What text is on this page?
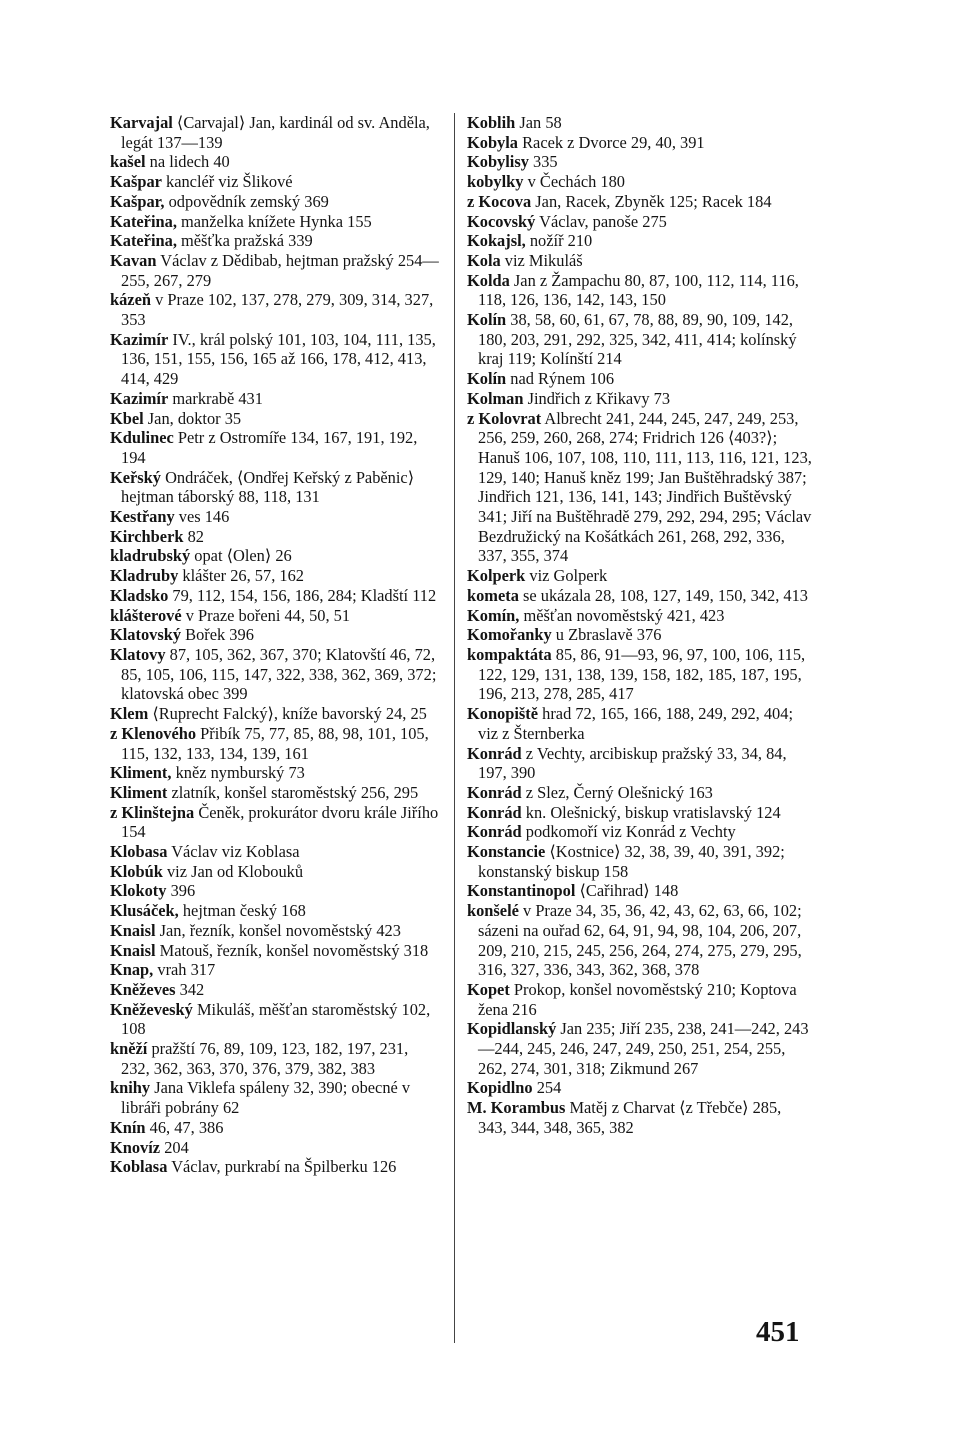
Karvajal ⟨Carvajal⟩ Jan, kardinál od sv. Anděla, legát 137—139
kašel na lidech 40
Kašpar kancléř viz Šlikové
Kašpar, odpovědník zemský 369
Kateřina, manželka knížete Hynka 155
Kateřina, měšťka pražská 339
Kavan Václav z Dědibab, hejtman pražský 254—255, 267, 279
kázeň v Praze 102, 137, 278, 279, 309, 314, 327, 353
Kazimír IV., král polský 101, 103, 104, 111, 135, 136, 151, 155, 156, 165 až 166, 178, 412, 413, 414, 429
Kazimír markrabě 431
Kbel Jan, doktor 35
Kdulinec Petr z Ostromíře 134, 167, 191, 192, 194
Keřský Ondráček, ⟨Ondřej Keřský z Paběnic⟩ hejtman táborský 88, 118, 131
Kestřany ves 146
Kirchberk 82
kladrubský opat ⟨Olen⟩ 26
Kladruby klášter 26, 57, 162
Kladsko 79, 112, 154, 156, 186, 284; Kladští 112
klášterové v Praze bořeni 44, 50, 51
Klatovský Bořek 396
Klatovy 87, 105, 362, 367, 370; Klatovští 46, 72, 85, 105, 106, 115, 147, 322, 338, 362, 369, 372; klatovská obec 399
Klem ⟨Ruprecht Falcký⟩, kníže bavorský 24, 25
z Klenového Přibík 75, 77, 85, 88, 98, 101, 105, 115, 132, 133, 134, 139, 161
Kliment, kněz nymburský 73
Kliment zlatník, konšel staroměstský 256, 295
z Klinštejna Čeněk, prokurátor dvoru krále Jiřího 154
Klobasa Václav viz Koblasa
Klobúk viz Jan od Klobouků
Klokoty 396
Klusáček, hejtman český 168
Knaisl Jan, řezník, konšel novoměstský 423
Knaisl Matouš, řezník, konšel novoměstský 318
Knap, vrah 317
Kněževes 342
Kněževeský Mikuláš, měšťan staroměstský 102, 108
kněží pražští 76, 89, 109, 123, 182, 197, 231, 232, 362, 363, 370, 376, 379, 382, 383
knihy Jana Viklefa spáleny 32, 390; obecné v libráři pobrány 62
Knín 46, 47, 386
Knovíz 204
Koblasa Václav, purkrabí na Špilberku 126
Koblih Jan 58
Kobyla Racek z Dvorce 29, 40, 391
Kobylisy 335
kobylky v Čechách 180
z Kocova Jan, Racek, Zbyněk 125; Racek 184
Kocovský Václav, panoše 275
Kokajsl, nožíř 210
Kola viz Mikuláš
Kolda Jan z Žampachu 80, 87, 100, 112, 114, 116, 118, 126, 136, 142, 143, 150
Kolín 38, 58, 60, 61, 67, 78, 88, 89, 90, 109, 142, 180, 203, 291, 292, 325, 342, 411, 414; kolínský kraj 119; Kolínští 214
Kolín nad Rýnem 106
Kolman Jindřich z Křikavy 73
z Kolovrat Albrecht 241, 244, 245, 247, 249, 253, 256, 259, 260, 268, 274; Fridrich 126 ⟨403?⟩; Hanuš 106, 107, 108, 110, 111, 113, 116, 121, 123, 129, 140; Hanuš kněz 199; Jan Buštěhradský 387; Jindřich 121, 136, 141, 143; Jindřich Buštěvský 341; Jiří na Buštěhradě 279, 292, 294, 295; Václav Bezdružický na Košátkách 261, 268, 292, 336, 337, 355, 374
Kolperk viz Golperk
kometa se ukázala 28, 108, 127, 149, 150, 342, 413
Komín, měšťan novoměstský 421, 423
Komořanky u Zbraslavě 376
kompaktáta 85, 86, 91—93, 96, 97, 100, 106, 115, 122, 129, 131, 138, 139, 158, 182, 185, 187, 195, 196, 213, 278, 285, 417
Konopiště hrad 72, 165, 166, 188, 249, 292, 404; viz z Šternberka
Konrád z Vechty, arcibiskup pražský 33, 34, 84, 197, 390
Konrád z Slez, Černý Olešnický 163
Konrád kn. Olešnický, biskup vratislavský 124
Konrád podkomoří viz Konrád z Vechty
Konstancie ⟨Kostnice⟩ 32, 38, 39, 40, 391, 392; konstanský biskup 158
Konstantinopol ⟨Cařihrad⟩ 148
konšelé v Praze 34, 35, 36, 42, 43, 62, 63, 66, 102; sázeni na ouřad 62, 64, 91, 94, 98, 104, 206, 207, 209, 210, 215, 245, 256, 264, 274, 275, 279, 295, 316, 327, 336, 343, 362, 368, 378
Kopet Prokop, konšel novoměstský 210; Koptova žena 216
Kopidlanský Jan 235; Jiří 235, 238, 241—242, 243—244, 245, 246, 247, 249, 250, 251, 254, 255, 262, 274, 301, 318; Zikmund 267
Kopidlno 254
M. Korambus Matěj z Charvat ⟨z Třebče⟩ 285, 343, 344, 348, 365, 382
451
